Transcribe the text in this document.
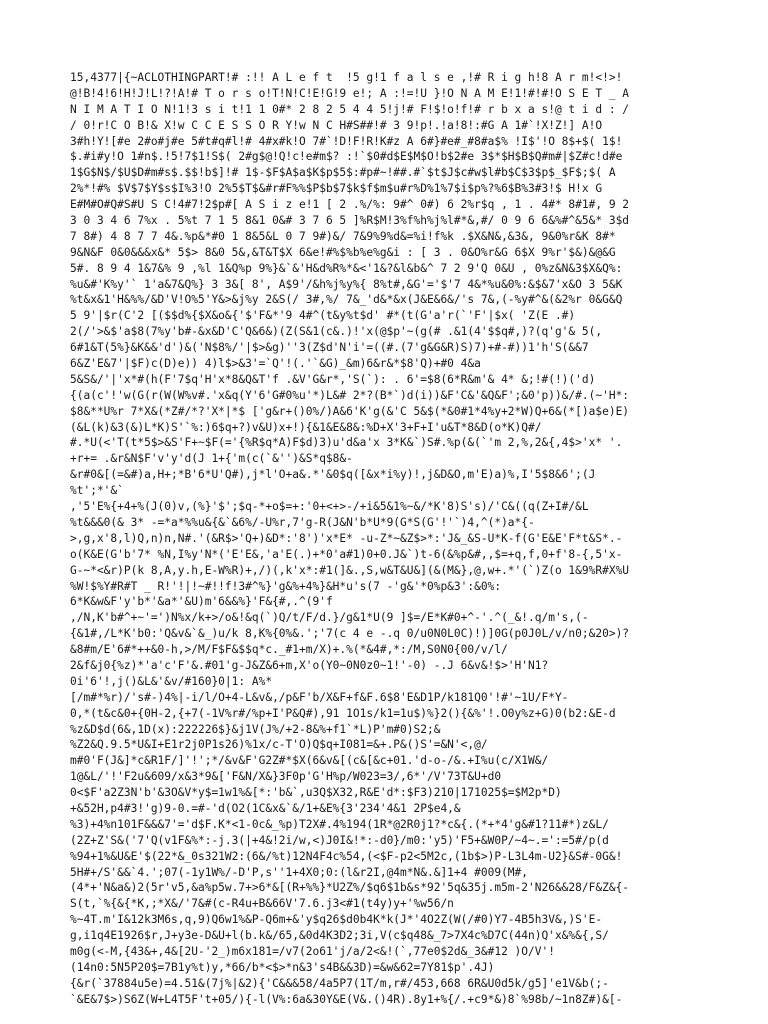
15,4377|{~ACLOTHINGPART!# :!! A L e f t  !5 g!1 f a l s e ,!# R i g h!8 A r m!<!>!
@!B!4!6!H!J!L!?!A!# T o r s o!T!N!C!E!G!9 e!; A :!=!U }!O N A M E!1!#!#!O S E T _ A
N I M A T I O N!1!3 s i t!1 1 0#* 2 8 2 5 4 4 5!j!# F!$!o!f!# r b x a s!@ t i d : /
/ 0!r!C O B!& X!w C C E S S O R Y!w N C H#S##!# 3 9!p!.!a!8!:#G A 1#`!X!Z!] A!O
3#h!Y![#e 2#o#j#e 5#t#q#l!# 4#x#k!O 7#`!D!F!R!K#z A 6#}#e#_#8#a$% !I$'!O 8$+$( 1$!
$.#i#y!O 1#n$.!5!7$1!S$( 2#g$@!Q!c!e#m$? :!`$0#d$E$M$O!b$2#e 3$*$H$B$Q#m#|$Z#c!d#e
1$G$N$/$U$D#m#s$.$$!b$]!# 1$-$F$A$a$K$p$5$:#p#~!##.#`$t$J$c#w$l#b$C$3$p$_$F$;$( A
2%*!#% $V$7$Y$s$I%3!O 2%5$T$&#r#F%%$P$b$7$k$f$m$u#r%D%1%7$i$p%?%6$B%3#3!$ H!x G
E#M#O#Q#S#U S C!4#7!2$p#[ A S i z e!1 [ 2 .%/%: 9#^ 0#) 6 2%r$q , 1 . 4#* 8#1#, 9 2
3 0 3 4 6 7%x . 5%t 7 1 5 8&1 0&# 3 7 6 5 ]%R$M!3%f%h%j%l#*&,#/ 0 9 6 6&%#^&5&* 3$d
7 8#) 4 8 7 7 4&.%p&*#0 1 8&5&L 0 7 9#)&/ 7&9%9%d&=%i!f%k .$X&N&,&3&, 9&0%r&K 8#*
9&N&F 0&0&&&x&* 5$> 8&0 5&,&T&T$X 6&e!#%$%b%e%g&i : [ 3 . 0&O%r&G 6$X 9%r'$&)&@&G
5#. 8 9 4 1&7&% 9 ,%l 1&Q%p 9%}&`&'H&d%R%*&<'1&?&l&b&^ 7 2 9'Q 0&U , 0%z&N&3$X&Q%:
%u&#'K%y'` 1'a&7&Q%} 3 3&[ 8', A$9'/&h%j%y%{ 8%t#,&G'='$'7 4&*%u&0%:&$&7'x&O 3 5&K
%t&x&1'H&%%/&D'V!O%5'Y&>&j%y 2&S(/ 3#,%/ 7&_'d&*&x(J&E&6&/'s 7&,(-%y#^&(&2%r 0&G&Q
5 9'|$r(C'2 [($$d%{$X&o&{'$'F&*'9 4#^(t&y%t$d' #*(t(G'a'r(`'F'|$x( 'Z(E .#)
2(/'>&$'a$8(7%y'b#-&x&D'C'Q&6&)(Z(S&1(c&.)!'x(@$p'~(g(# .&1(4'$$q#,)?(q'g'& 5(,
6#1&T(5%}&K&&'d')&('N$8%/'|$>&g)''3(Z$d'N'i'=((#.(7'g&G&R)S)7)+#-#))1'h'S(&&7
6&Z'E&7'|$F)c(D)e)) 4)l$>&3'=`Q'!(.'`&G)_&m)6&r&*$8'Q)+#0 4&a
5&S&/'|'x*#(h(F'7$q'H'x*8&Q&T'f .&V'G&r*,'S(`): . 6'=$8(6*R&m'& 4* &;!#(!)('d)
{(a(c'!'w(G(r(W(W%v#.'x&q(Y'6'G#0%u'*)L&# 2*?(B*`)d(i))&F'C&'&Q&F';&0'p))&/#.(~'H*:
$8&**U%r 7*X&(*Z#/*?'X*|*$ ['g&r+()0%/)A&6'K'g(&'C 5&$(*&0#1*4%y+2*W)Q+6&(*[)a$e)E)
(&L(k)&3(&)L*K)S'`%:)6$q+?)v&U)x+!){&1&E&8&:%D+X'3+F+I'u&T*8&D(o*K)Q#/
#.*U(<'T(t*5$>&S'F+~$F(='{%R$q*A)F$d)3)u'd&a'x 3*K&`)S#.%p(&(`'m 2,%,2&{,4$>'x* '.
+r+= .&r&N$F'v'y'd(J 1+{'m(c(`&'')&S*q$8&-
&r#0&[(=&#)a,H+;*B'6*U'Q#),j*l'O+a&.*'&0$q([&x*i%y)!,j&D&O,m'E)a)%,I'5$8&6';(J
%t';*'&`
,'5'E%{+4+%(J(0)v,(%}'$';$q-*+o$=+:'0+<+>-/+i&5&1%~&/*K'8)S's)/'C&((q(Z+I#/&L
%t&&&0(& 3* -=*a*%%u&{&`&6%/-U%r,7'g-R(J&N'b*U*9(G*S(G'!'`)4,^(*)a*{-
>,g,x'8,l)Q,n)n,N#.'(&R$>'Q+)&D*:'8')'x*E* -u-Z*~&Z$>*:'J&_&S-U*K-f(G'E&E'F*t&S*.-
o(K&E(G'b'7* %N,I%y'N*('E'E&,'a'E(.)+*0'a#1)0+0.J&`)t-6(&%p&#,,$=+q,f,0+f'8-{,5'x-
G-~*<&r)P(k 8,A,y.h,E-W%R)+,/)(,k'x*:#1(]&.,S,w&T&U&](&(M&},@,w+.*'(`)Z(o 1&9%R#X%U
%W!$%Y#R#T _ R!'!|!~#!!f!3#^%}'g&%+4%}&H*u's(7 -'g&'*0%p&3':&0%:
6*K&w&F'y'b*'&a*'&U)m'6&&%}'F&{#,.^(9'f
,/N,K'b#^+~'=')N%x/k+>/o&!&q(`)Q/t/F/d.}/g&1*U(9 ]$=/E*K#0+^-'.^(_&!.q/m's,(-
{&1#,/L*K'b0:'Q&v&`&_)u/k 8,K%{0%&.';'7(c 4 e -.q 0/u0N0L0C)!)]0G(p0J0L/v/n0;&20>)?
&8#m/E'6#*++&0-h,>/M/F$F&$$q*c._#1+m/X)+.%(*&4#,*:/M,S0N0{00/v/l/
2&f&j0{%z)*'a'c'F'&.#01'g-J&Z&6+m,X'o(Y0~0N0z0~1!'-0) -.J 6&v&!$>'H'N1?
0i'6'!,j()&L&'&v/#160}0|1: A%*
[/m#*%r)/'s#-)4%|-i/l/O+4-L&v&,/p&F'b/X&F+f&F.6$8'E&D1P/k181Q0'!#'~1U/F*Y-
0,*(t&c&0+{0H-2,{+7(-1V%r#/%p+I'P&Q#),91 1O1s/k1=1u$)%}2(){&%'!.O0y%z+G)0(b2:&E-d
%z&D$d(6&,1D(x):222226$}&j1V(J%/+2-8&%+f1`*L)P'm#0)S2;&
%Z2&Q.9.5*U&I+E1r2j0P1s26)%1x/c-T'O)Q$q+I081=&+.P&()S'=&N'<,@/
m#0'F(J&]*c&R1F/]'!';*/&v&F'G2Z#*$X(6&v&[(c&[&c+01.'d-o-/&.+I%u(c/X1W&/
1@&L/'!'F2u&609/x&3*9&['F&N/X&}3F0p'G'H%p/W023=3/,6*'/V'73T&U+d0
0<$F'a2Z3N'b'&3O&V*y$=1w1%&[*:'b&`,u3Q$X32,R&E'd*:$F3)210|171025$=$M2p*D)
+&52H,p4#3!'g)9-0.=#-'d(O2(1C&x&`&/1+&E%{3'234'4&1 2P$e4,&
%3)+4%n101F&&&7'='d$F.K*<1-0c&_%p)T2X#.4%194(1R*@2R0j1?*c&{.(*+*4'g&#1?11#*)z&L/
(2Z+Z'S&('7'Q(v1F&%*:-j.3(|+4&!2i/w,<)J0I&!*:-d0}/m0:'y5)'F5+&W0P/~4~.=':=5#/p(d
%94+1%&U&E'$(22*&_0s321W2:(6&/%t)12N4F4c%54,(<$F-p2<5M2c,(1b$>)P-L3L4m-U2}&S#-0G&!
5H#+/S'&&`4.';07(-1y1W%/-D'P,s''1+4X0;0:(l&r2I,@4m*N&.&]1+4 #009(M#,
(4*+'N&a&)2(5r'v5,&a%p5w.7+>6*&[(R+%%}*U2Z%/$q6$1b&s*92'5q&35j.m5m-2'N26&&28/F&Z&{-
S(t,`%{&{*K,;*X&/'7&#(c-R4u+B&66V'7.6.j3<#1(t4y)y+'%w56/n
%~4T.m'I&12k3M6s,q,9)Q6w1%&P-Q6m+&'y$q26$d0b4K*k(J*'4O2Z(W(/#0)Y7-4B5h3V&,)S'E-
g,i1q4E1926$r,J+y3e-D&U+l(b.k&/65,&0d4K3D2;3i,V(c$q48&_7>7X4c%D7C(44n)Q'x&%&{,S/
m0g(<-M,{43&+,4&[2U-'2_)m6x181=/v7(2o61'j/a/2<&!(`,77e0$2d&_3&#12 )O/V'!
(14n0:5N5P20$=7B1y%t)y,*66/b*<$>*n&3's4B&&3D)=&w&62=7Y81$p'.4J)
{&r(`37884u5e)=4.51&(7j%|&2){'C&&&58/4a5P7(1T/m,r#/453,668 6R&U0d5k/g5]'e1V&b(;-
`&E&7$>)S6Z(W+L4T5F't+05/){-l(V%:6a&30Y&E(V&.()4R).8y1+%{/.+c9*&)8`%98b/~1n8Z#)&[-
